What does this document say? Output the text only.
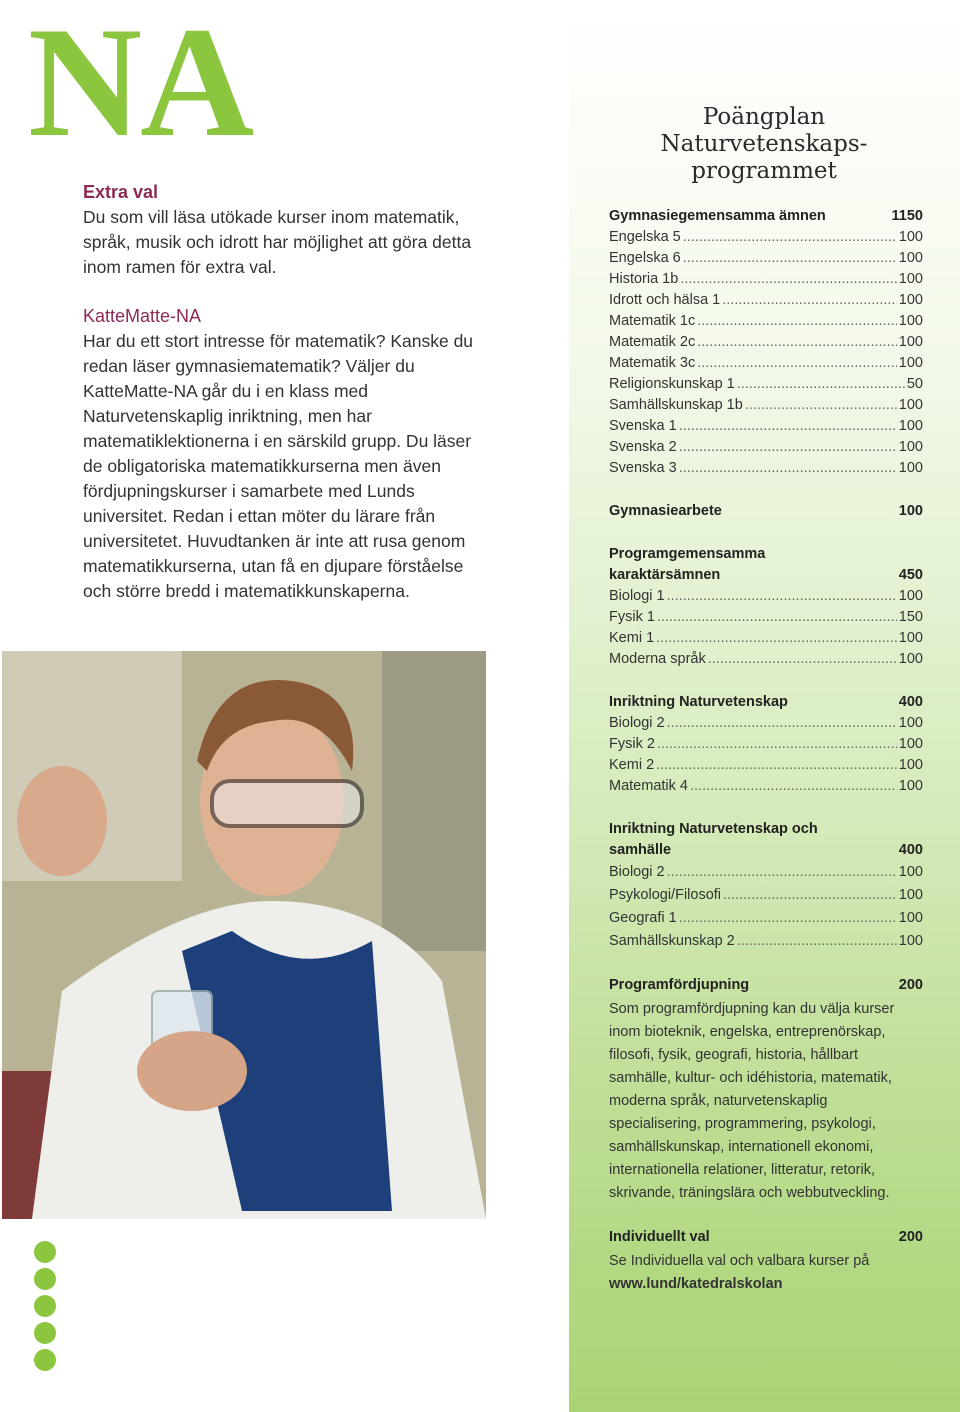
NA

Extra val

Du som vill läsa utökade kurser inom matematik, språk, musik och idrott har möjlighet att göra detta inom ramen för extra val.

KatteMatte-NA

Har du ett stort intresse för matematik? Kanske du redan läser gymnasiematematik? Väljer du KatteMatte-NA går du i en klass med Naturvetenskaplig inriktning, men har matematiklektionerna i en särskild grupp. Du läser de obligatoriska matematikkurserna men även fördjupningskurser i samarbete med Lunds universitet. Redan i ettan möter du lärare från universitetet. Huvudtanken är inte att rusa genom matematikkurserna, utan få en djupare förståelse och större bredd i matematikkunskaperna.

Poängplan
Naturvetenskaps-
programmet
Gymnasiegemensamma ämnen	1150
Engelska 5 .....	100
Engelska 6 .....	100
Historia 1b .....	100
Idrott och hälsa 1 .....	100
Matematik 1c .....	100
Matematik 2c .....	100
Matematik 3c .....	100
Religionskunskap 1 .....	50
Samhällskunskap 1b .....	100
Svenska 1 .....	100
Svenska 2 .....	100
Svenska 3 .....	100
Gymnasiearbete	100
Programgemensamma
karaktärsämnen	450
Biologi 1 .....	100
Fysik 1 .....	150
Kemi 1 .....	100
Moderna språk .....	100
Inriktning Naturvetenskap	400
Biologi 2 .....	100
Fysik 2 .....	100
Kemi 2 .....	100
Matematik 4 .....	100
Inriktning Naturvetenskap och
samhälle	400
Biologi 2 .....	100
Psykologi/Filosofi .....	100
Geografi 1 .....	100
Samhällskunskap 2 .....	100
Programfördjupning	200

Som programfördjupning kan du välja kurser inom bioteknik, engelska, entreprenörskap, filosofi, fysik, geografi, historia, hållbart samhälle, kultur- och idéhistoria, matematik, moderna språk, naturvetenskaplig specialisering, programmering, psykologi, samhällskunskap, internationell ekonomi, internationella relationer, litteratur, retorik, skrivande, träningslära och webbutveckling.

Individuellt val	200

Se Individuella val och valbara kurser på

www.lund/katedralskolan
